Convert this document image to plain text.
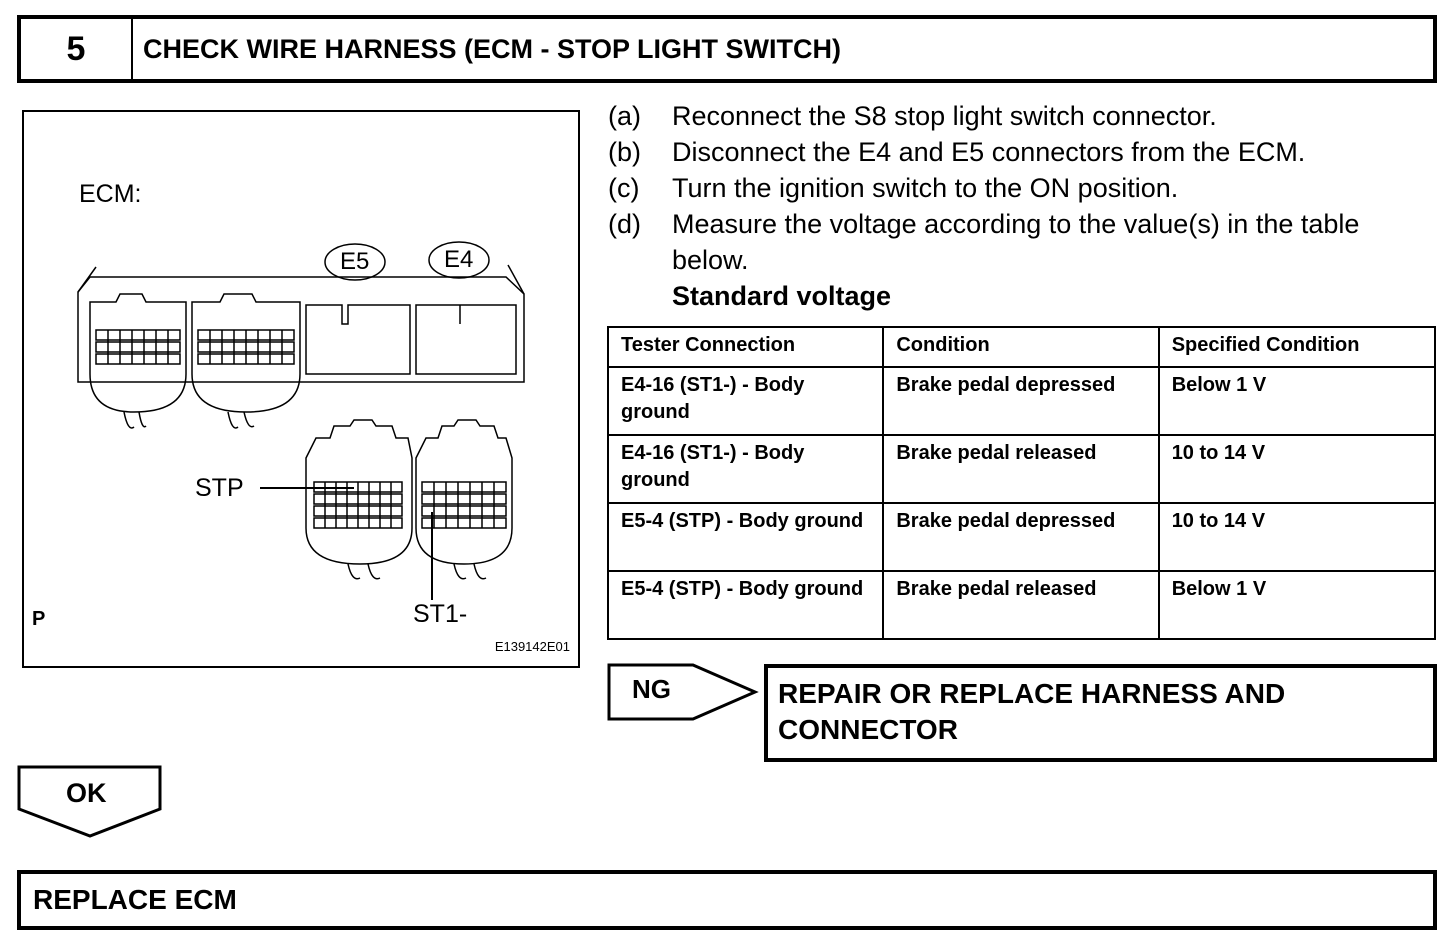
5	CHECK WIRE HARNESS (ECM - STOP LIGHT SWITCH)
ECM:
E5	E4
STP
ST1-
P
E139142E01
(a)	Reconnect the S8 stop light switch connector.
(b)	Disconnect the E4 and E5 connectors from the ECM.
(c)	Turn the ignition switch to the ON position.
(d)	Measure the voltage according to the value(s) in the table below.
Standard voltage
Tester Connection	Condition	Specified Condition
E4-16 (ST1-) - Body ground	Brake pedal depressed	Below 1 V
E4-16 (ST1-) - Body ground	Brake pedal released	10 to 14 V
E5-4 (STP) - Body ground	Brake pedal depressed	10 to 14 V
E5-4 (STP) - Body ground	Brake pedal released	Below 1 V
NG	REPAIR OR REPLACE HARNESS AND CONNECTOR
OK
REPLACE ECM
